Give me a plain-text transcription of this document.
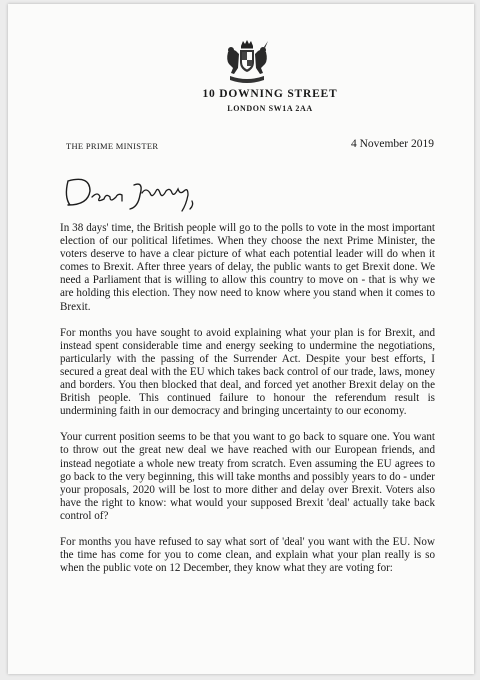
10 DOWNING STREET
LONDON SW1A 2AA
THE PRIME MINISTER	4 November 2019

In 38 days' time, the British people will go to the polls to vote in the most important election of our political lifetimes. When they choose the next Prime Minister, the voters deserve to have a clear picture of what each potential leader will do when it comes to Brexit. After three years of delay, the public wants to get Brexit done. We need a Parliament that is willing to allow this country to move on - that is why we are holding this election. They now need to know where you stand when it comes to Brexit.

For months you have sought to avoid explaining what your plan is for Brexit, and instead spent considerable time and energy seeking to undermine the negotiations, particularly with the passing of the Surrender Act. Despite your best efforts, I secured a great deal with the EU which takes back control of our trade, laws, money and borders. You then blocked that deal, and forced yet another Brexit delay on the British people. This continued failure to honour the referendum result is undermining faith in our democracy and bringing uncertainty to our economy.

Your current position seems to be that you want to go back to square one. You want to throw out the great new deal we have reached with our European friends, and instead negotiate a whole new treaty from scratch. Even assuming the EU agrees to go back to the very beginning, this will take months and possibly years to do - under your proposals, 2020 will be lost to more dither and delay over Brexit. Voters also have the right to know: what would your supposed Brexit 'deal' actually take back control of?

For months you have refused to say what sort of 'deal' you want with the EU. Now the time has come for you to come clean, and explain what your plan really is so when the public vote on 12 December, they know what they are voting for:
